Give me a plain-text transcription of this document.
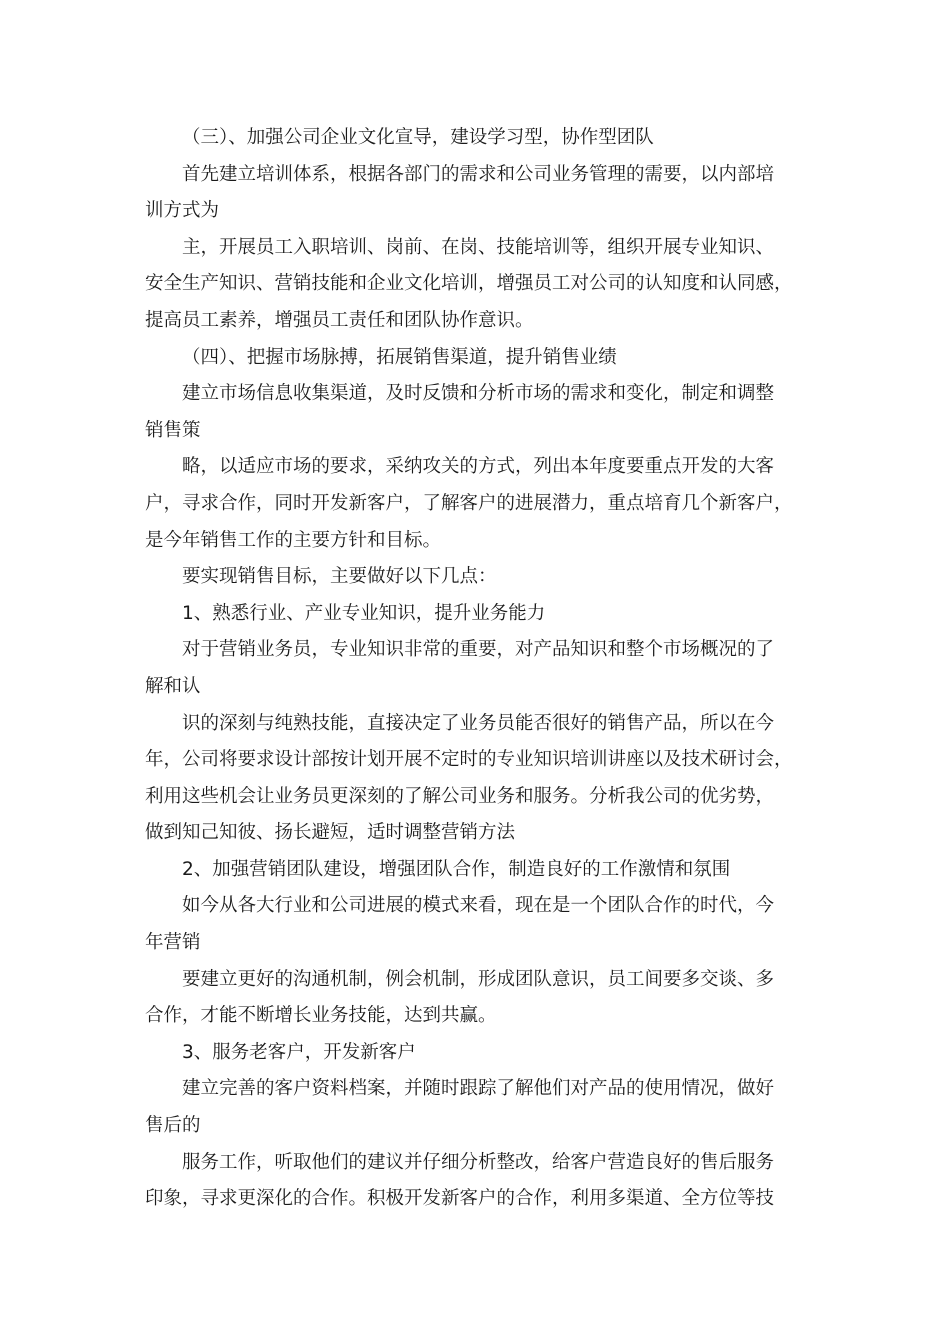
（三）、加强公司企业文化宣导，建设学习型，协作型团队
首先建立培训体系，根据各部门的需求和公司业务管理的需要，以内部培
训方式为
主，开展员工入职培训、岗前、在岗、技能培训等，组织开展专业知识、
安全生产知识、营销技能和企业文化培训，增强员工对公司的认知度和认同感，
提高员工素养，增强员工责任和团队协作意识。
（四）、把握市场脉搏，拓展销售渠道，提升销售业绩
建立市场信息收集渠道，及时反馈和分析市场的需求和变化，制定和调整
销售策
略，以适应市场的要求，采纳攻关的方式，列出本年度要重点开发的大客
户，寻求合作，同时开发新客户，了解客户的进展潜力，重点培育几个新客户，
是今年销售工作的主要方针和目标。
要实现销售目标，主要做好以下几点：
1、熟悉行业、产业专业知识，提升业务能力
对于营销业务员，专业知识非常的重要，对产品知识和整个市场概况的了
解和认
识的深刻与纯熟技能，直接决定了业务员能否很好的销售产品，所以在今
年，公司将要求设计部按计划开展不定时的专业知识培训讲座以及技术研讨会，
利用这些机会让业务员更深刻的了解公司业务和服务。分析我公司的优劣势，
做到知己知彼、扬长避短，适时调整营销方法
2、加强营销团队建设，增强团队合作，制造良好的工作激情和氛围
如今从各大行业和公司进展的模式来看，现在是一个团队合作的时代，今
年营销
要建立更好的沟通机制，例会机制，形成团队意识，员工间要多交谈、多
合作，才能不断增长业务技能，达到共赢。
3、服务老客户，开发新客户
建立完善的客户资料档案，并随时跟踪了解他们对产品的使用情况，做好
售后的
服务工作，听取他们的建议并仔细分析整改，给客户营造良好的售后服务
印象，寻求更深化的合作。积极开发新客户的合作，利用多渠道、全方位等技
